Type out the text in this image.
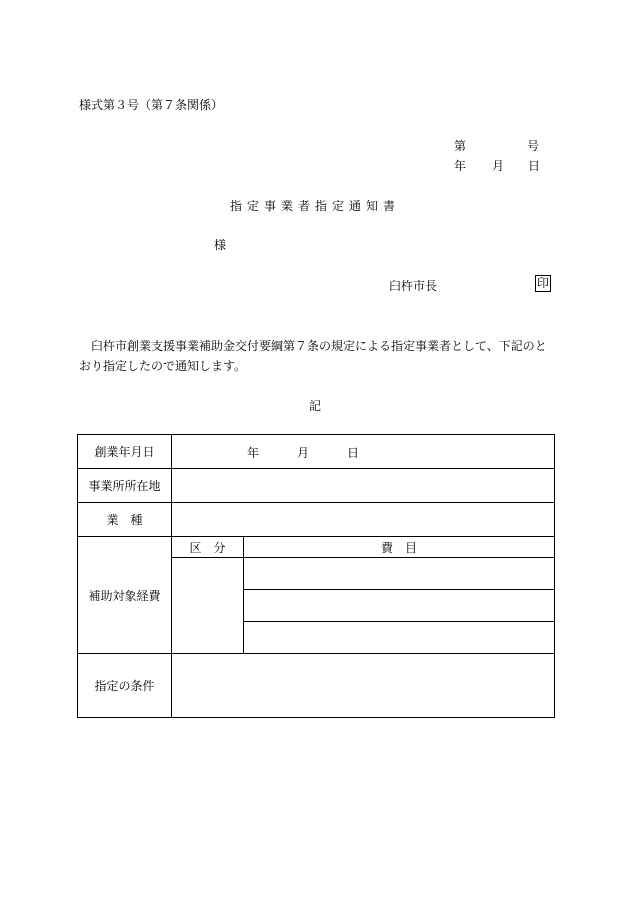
様式第３号（第７条関係）
第	号
年 月 日
指定事業者指定通知書
様
臼杵市長	印
臼杵市創業支援事業補助金交付要綱第７条の規定による指定事業者として、下記のとおり指定したので通知します。
記
創業年月日	年 月 日	

事業所所在地		
業　種		
補助対象経費	区　分	費　目

指定の条件		
